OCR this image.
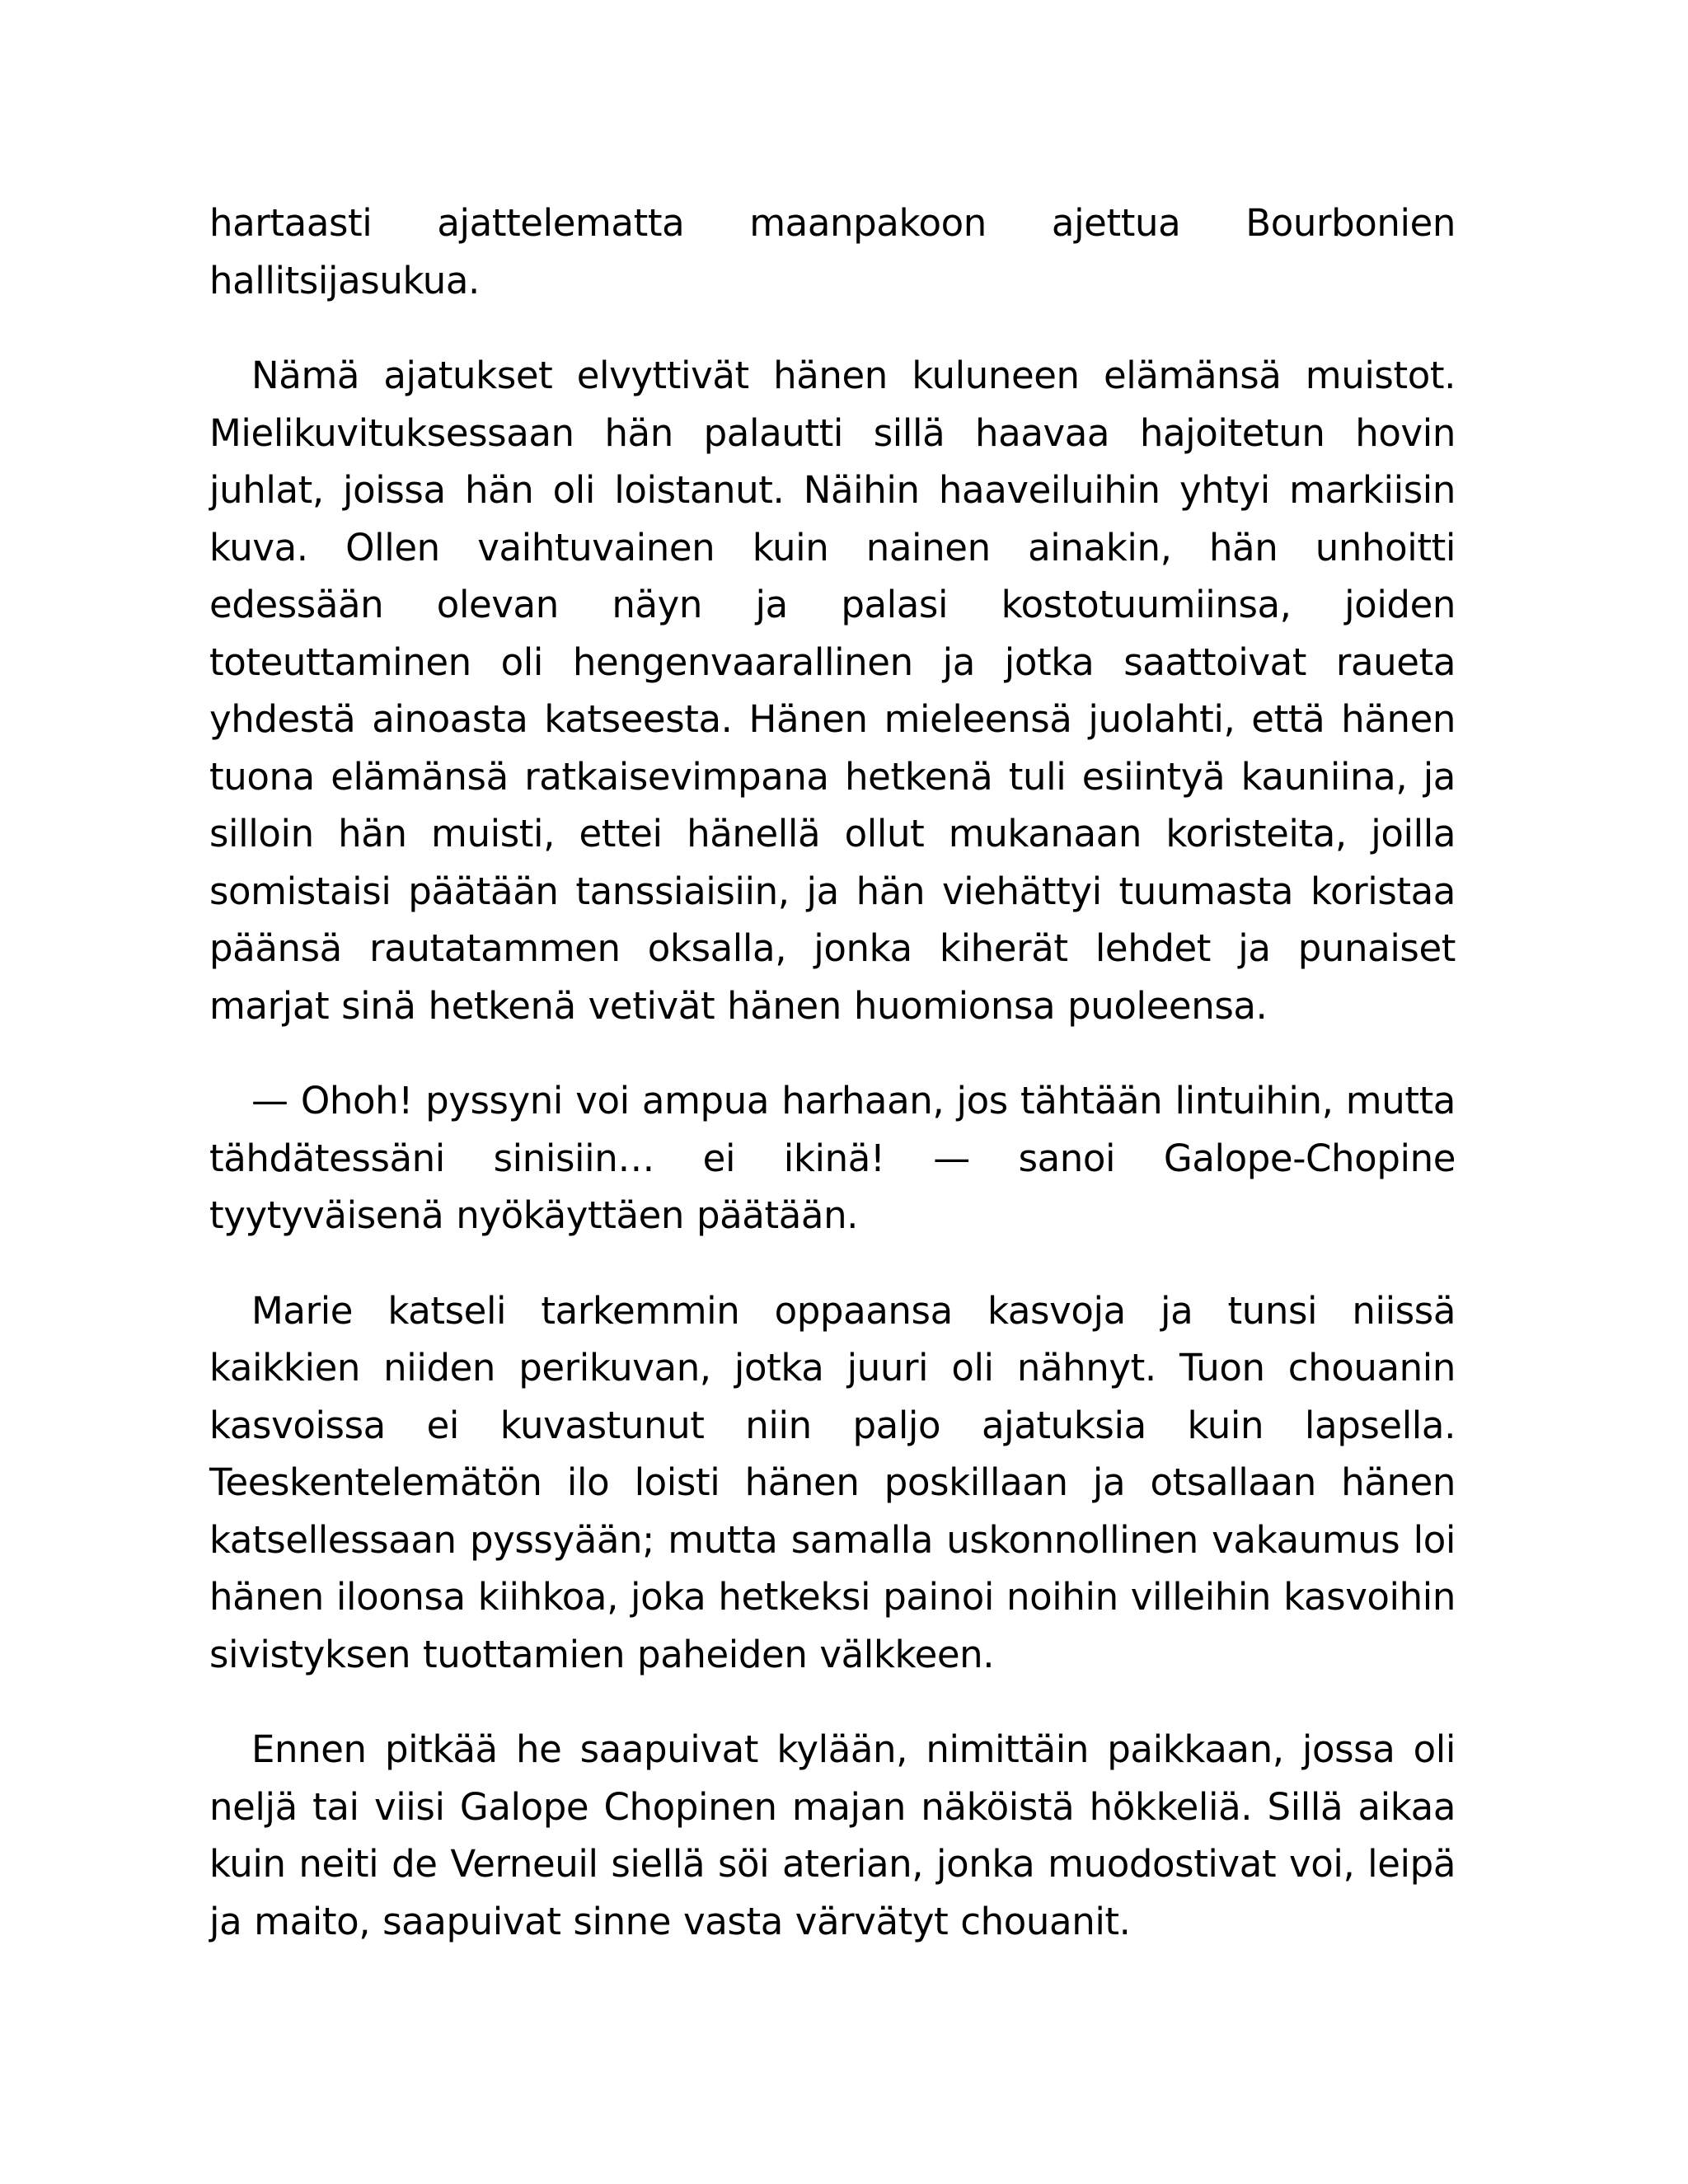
hartaasti ajattelematta maanpakoon ajettua Bourbonien hallitsijasukua.

Nämä ajatukset elvyttivät hänen kuluneen elämänsä muistot. Mielikuvituksessaan hän palautti sillä haavaa hajoitetun hovin juhlat, joissa hän oli loistanut. Näihin haaveiluihin yhtyi markiisin kuva. Ollen vaihtuvainen kuin nainen ainakin, hän unhoitti edessään olevan näyn ja palasi kostotuumiinsa, joiden toteuttaminen oli hengenvaarallinen ja jotka saattoivat raueta yhdestä ainoasta katseesta. Hänen mieleensä juolahti, että hänen tuona elämänsä ratkaisevimpana hetkenä tuli esiintyä kauniina, ja silloin hän muisti, ettei hänellä ollut mukanaan koristeita, joilla somistaisi päätään tanssiaisiin, ja hän viehättyi tuumasta koristaa päänsä rautatammen oksalla, jonka kiherät lehdet ja punaiset marjat sinä hetkenä vetivät hänen huomionsa puoleensa.

— Ohoh! pyssyni voi ampua harhaan, jos tähtään lintuihin, mutta tähdätessäni sinisiin… ei ikinä! — sanoi Galope-Chopine tyytyväisenä nyökäyttäen päätään.

Marie katseli tarkemmin oppaansa kasvoja ja tunsi niissä kaikkien niiden perikuvan, jotka juuri oli nähnyt. Tuon chouanin kasvoissa ei kuvastunut niin paljo ajatuksia kuin lapsella. Teeskentelemätön ilo loisti hänen poskillaan ja otsallaan hänen katsellessaan pyssyään; mutta samalla uskonnollinen vakaumus loi hänen iloonsa kiihkoa, joka hetkeksi painoi noihin villeihin kasvoihin sivistyksen tuottamien paheiden välkkeen.

Ennen pitkää he saapuivat kylään, nimittäin paikkaan, jossa oli neljä tai viisi Galope Chopinen majan näköistä hökkeliä. Sillä aikaa kuin neiti de Verneuil siellä söi aterian, jonka muodostivat voi, leipä ja maito, saapuivat sinne vasta värvätyt chouanit.
